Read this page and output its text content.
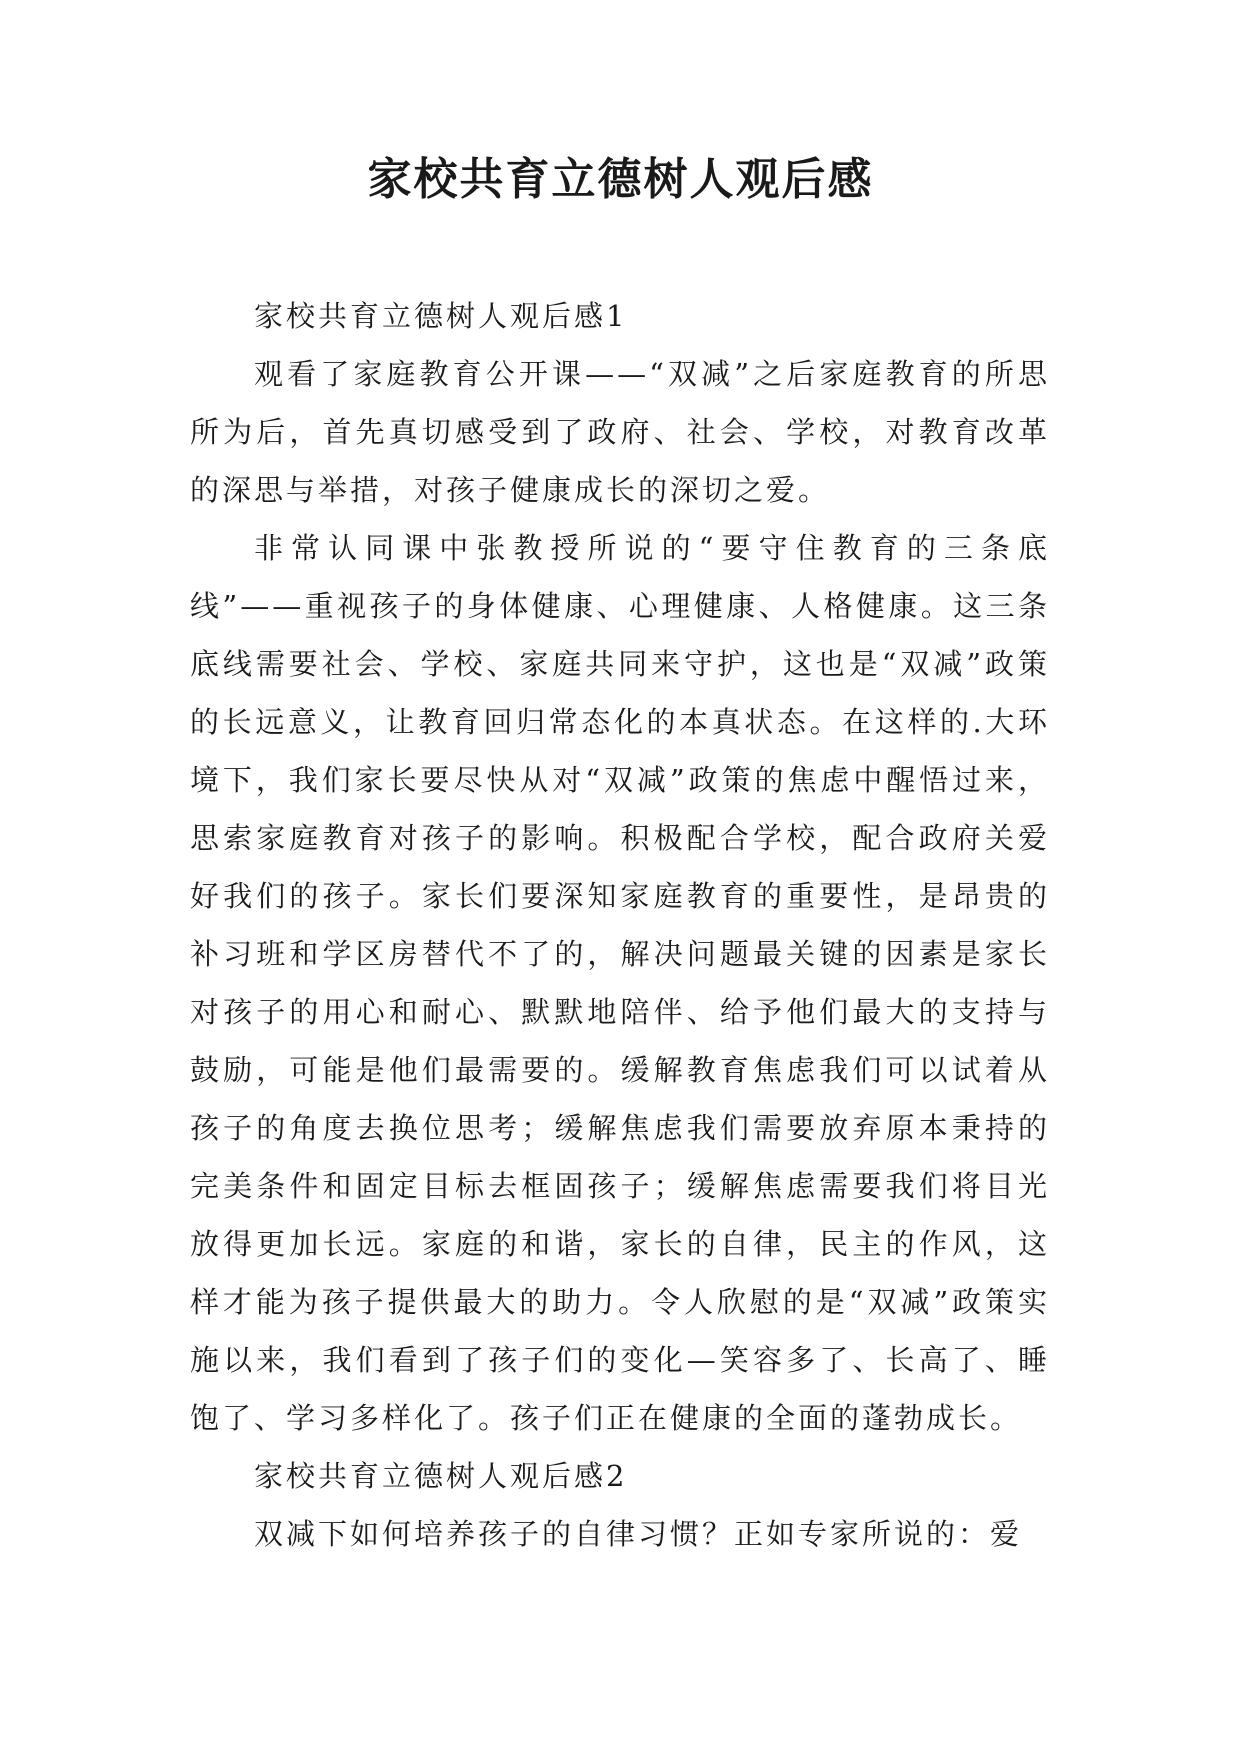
家校共育立德树人观后感

家校共育立德树人观后感1

观看了家庭教育公开课——“双减”之后家庭教育的所思所为后，首先真切感受到了政府、社会、学校，对教育改革的深思与举措，对孩子健康成长的深切之爱。

非常认同课中张教授所说的“要守住教育的三条底线”——重视孩子的身体健康、心理健康、人格健康。这三条底线需要社会、学校、家庭共同来守护，这也是“双减”政策的长远意义，让教育回归常态化的本真状态。在这样的.大环境下，我们家长要尽快从对“双减”政策的焦虑中醒悟过来，思索家庭教育对孩子的影响。积极配合学校，配合政府关爱好我们的孩子。家长们要深知家庭教育的重要性，是昂贵的补习班和学区房替代不了的，解决问题最关键的因素是家长对孩子的用心和耐心、默默地陪伴、给予他们最大的支持与鼓励，可能是他们最需要的。缓解教育焦虑我们可以试着从孩子的角度去换位思考；缓解焦虑我们需要放弃原本秉持的完美条件和固定目标去框固孩子；缓解焦虑需要我们将目光放得更加长远。家庭的和谐，家长的自律，民主的作风，这样才能为孩子提供最大的助力。令人欣慰的是“双减”政策实施以来，我们看到了孩子们的变化—笑容多了、长高了、睡饱了、学习多样化了。孩子们正在健康的全面的蓬勃成长。

家校共育立德树人观后感2

双减下如何培养孩子的自律习惯？正如专家所说的：爱
